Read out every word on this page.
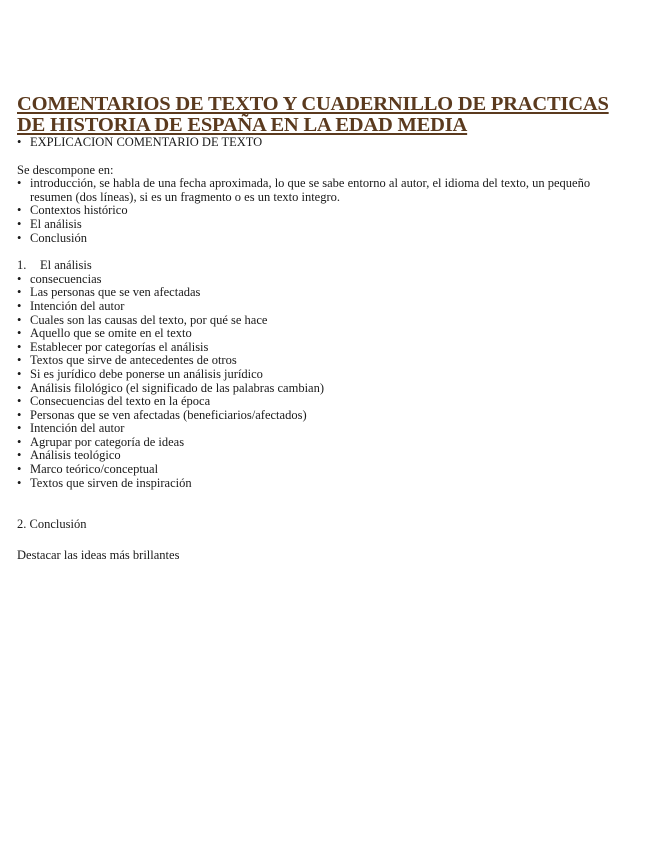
COMENTARIOS DE TEXTO Y CUADERNILLO DE PRACTICAS DE HISTORIA DE ESPAÑA EN LA EDAD MEDIA
• EXPLICACION COMENTARIO DE TEXTO

Se descompone en:

• introducción, se habla de una fecha aproximada, lo que se sabe entorno al autor, el idioma del texto, un pequeño resumen (dos líneas), si es un fragmento o es un texto integro.
• Contextos histórico
• El análisis
• Conclusión
1. El análisis
• consecuencias
• Las personas que se ven afectadas
• Intención del autor
• Cuales son las causas del texto, por qué se hace
• Aquello que se omite en el texto
• Establecer por categorías el análisis
• Textos que sirve de antecedentes de otros
• Si es jurídico debe ponerse un análisis jurídico
• Análisis filológico (el significado de las palabras cambian)
• Consecuencias del texto en la época
• Personas que se ven afectadas (beneficiarios/afectados)
• Intención del autor
• Agrupar por categoría de ideas
• Análisis teológico
• Marco teórico/conceptual
• Textos que sirven de inspiración
2. Conclusión

Destacar las ideas más brillantes
